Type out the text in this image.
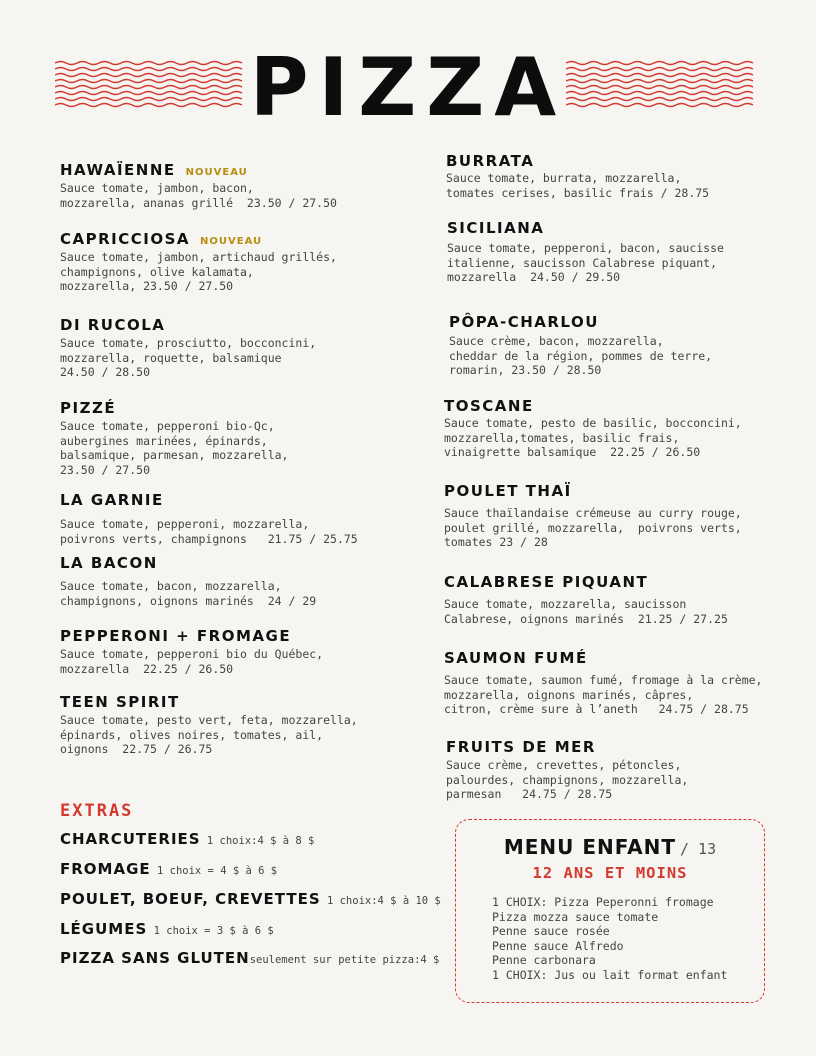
PIZZA
HAWAÏENNE NOUVEAU
Sauce tomate, jambon, bacon,
mozzarella, ananas grillé  23.50 / 27.50
CAPRICCIOSA NOUVEAU
Sauce tomate, jambon, artichaud grillés,
champignons, olive kalamata,
mozzarella, 23.50 / 27.50
DI RUCOLA
Sauce tomate, prosciutto, bocconcini,
mozzarella, roquette, balsamique
24.50 / 28.50
PIZZÉ
Sauce tomate, pepperoni bio-Qc,
aubergines marinées, épinards,
balsamique, parmesan, mozzarella,
23.50 / 27.50
LA GARNIE
Sauce tomate, pepperoni, mozzarella,
poivrons verts, champignons   21.75 / 25.75
LA BACON
Sauce tomate, bacon, mozzarella,
champignons, oignons marinés  24 / 29
PEPPERONI + FROMAGE
Sauce tomate, pepperoni bio du Québec,
mozzarella  22.25 / 26.50
TEEN SPIRIT
Sauce tomate, pesto vert, feta, mozzarella,
épinards, olives noires, tomates, ail,
oignons  22.75 / 26.75
BURRATA
Sauce tomate, burrata, mozzarella,
tomates cerises, basilic frais / 28.75
SICILIANA
Sauce tomate, pepperoni, bacon, saucisse
italienne, saucisson Calabrese piquant,
mozzarella  24.50 / 29.50
PÔPA-CHARLOU
Sauce crème, bacon, mozzarella,
cheddar de la région, pommes de terre,
romarin, 23.50 / 28.50
TOSCANE
Sauce tomate, pesto de basilic, bocconcini,
mozzarella,tomates, basilic frais,
vinaigrette balsamique  22.25 / 26.50
POULET THAÏ
Sauce thaïlandaise crémeuse au curry rouge,
poulet grillé, mozzarella,  poivrons verts,
tomates 23 / 28
CALABRESE PIQUANT
Sauce tomate, mozzarella, saucisson
Calabrese, oignons marinés  21.25 / 27.25
SAUMON FUMÉ
Sauce tomate, saumon fumé, fromage à la crème,
mozzarella, oignons marinés, câpres,
citron, crème sure à l’aneth   24.75 / 28.75
FRUITS DE MER
Sauce crème, crevettes, pétoncles,
palourdes, champignons, mozzarella,
parmesan   24.75 / 28.75
EXTRAS
CHARCUTERIES 1 choix:4 $ à 8 $
FROMAGE 1 choix = 4 $ à 6 $
POULET, BOEUF, CREVETTES 1 choix:4 $ à 10 $
LÉGUMES 1 choix = 3 $ à 6 $
PIZZA SANS GLUTENseulement sur petite pizza:4 $
MENU ENFANT / 13
12 ANS ET MOINS
1 CHOIX: Pizza Peperonni fromage
Pizza mozza sauce tomate
Penne sauce rosée
Penne sauce Alfredo
Penne carbonara
1 CHOIX: Jus ou lait format enfant
